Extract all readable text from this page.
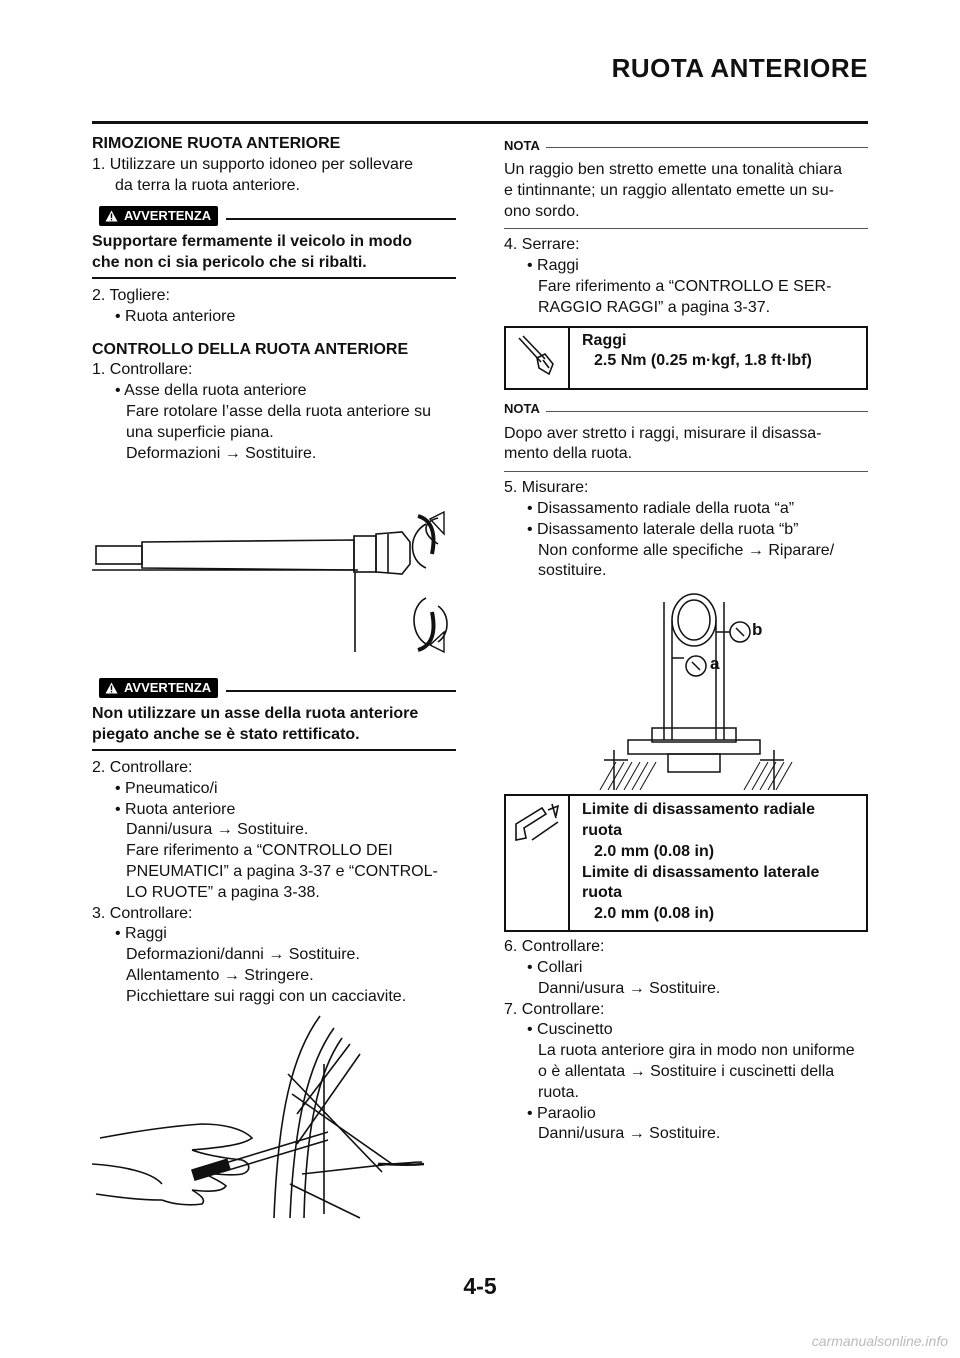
RUOTA ANTERIORE
RIMOZIONE RUOTA ANTERIORE
1. Utilizzare un supporto idoneo per sollevare
da terra la ruota anteriore.
AVVERTENZA
Supportare fermamente il veicolo in modo
che non ci sia pericolo che si ribalti.
2. Togliere:
• Ruota anteriore
CONTROLLO DELLA RUOTA ANTERIORE
1. Controllare:
• Asse della ruota anteriore
Fare rotolare l’asse della ruota anteriore su
una superficie piana.
Deformazioni → Sostituire.
AVVERTENZA
Non utilizzare un asse della ruota anteriore
piegato anche se è stato rettificato.
2. Controllare:
• Pneumatico/i
• Ruota anteriore
Danni/usura → Sostituire.
Fare riferimento a “CONTROLLO DEI
PNEUMATICI” a pagina 3-37 e “CONTROL-
LO RUOTE” a pagina 3-38.
3. Controllare:
• Raggi
Deformazioni/danni → Sostituire.
Allentamento → Stringere.
Picchiettare sui raggi con un cacciavite.
NOTA
Un raggio ben stretto emette una tonalità chiara
e tintinnante; un raggio allentato emette un su-
ono sordo.
4. Serrare:
• Raggi
Fare riferimento a “CONTROLLO E SER-
RAGGIO RAGGI” a pagina 3-37.
Raggi
2.5 Nm (0.25 m·kgf, 1.8 ft·lbf)
NOTA
Dopo aver stretto i raggi, misurare il disassa-
mento della ruota.
5. Misurare:
• Disassamento radiale della ruota “a”
• Disassamento laterale della ruota “b”
Non conforme alle specifiche → Riparare/
sostituire.
b
a
Limite di disassamento radiale
ruota
2.0 mm (0.08 in)
Limite di disassamento laterale
ruota
2.0 mm (0.08 in)
6. Controllare:
• Collari
Danni/usura → Sostituire.
7. Controllare:
• Cuscinetto
La ruota anteriore gira in modo non uniforme
o è allentata → Sostituire i cuscinetti della
ruota.
• Paraolio
Danni/usura → Sostituire.
4-5
carmanualsonline.info
